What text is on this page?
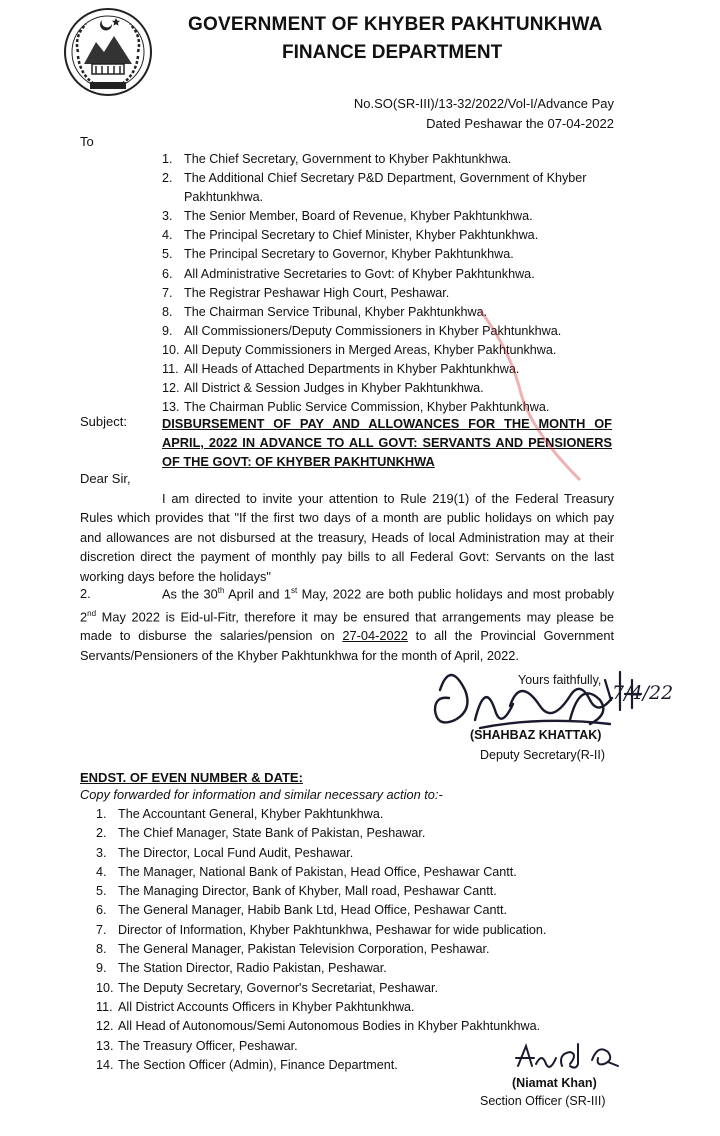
GOVERNMENT OF KHYBER PAKHTUNKHWA
FINANCE DEPARTMENT
No.SO(SR-III)/13-32/2022/Vol-I/Advance Pay
Dated Peshawar the 07-04-2022
To
1. The Chief Secretary, Government to Khyber Pakhtunkhwa.
2. The Additional Chief Secretary P&D Department, Government of Khyber
Pakhtunkhwa.
3. The Senior Member, Board of Revenue, Khyber Pakhtunkhwa.
4. The Principal Secretary to Chief Minister, Khyber Pakhtunkhwa.
5. The Principal Secretary to Governor, Khyber Pakhtunkhwa.
6. All Administrative Secretaries to Govt: of Khyber Pakhtunkhwa.
7. The Registrar Peshawar High Court, Peshawar.
8. The Chairman Service Tribunal, Khyber Pakhtunkhwa.
9. All Commissioners/Deputy Commissioners in Khyber Pakhtunkhwa.
10. All Deputy Commissioners in Merged Areas, Khyber Pakhtunkhwa.
11. All Heads of Attached Departments in Khyber Pakhtunkhwa.
12. All District & Session Judges in Khyber Pakhtunkhwa.
13. The Chairman Public Service Commission, Khyber Pakhtunkhwa.
Subject:	DISBURSEMENT OF PAY AND ALLOWANCES FOR THE MONTH OF APRIL, 2022 IN ADVANCE TO ALL GOVT: SERVANTS AND PENSIONERS OF THE GOVT: OF KHYBER PAKHTUNKHWA
Dear Sir,
I am directed to invite your attention to Rule 219(1) of the Federal Treasury Rules which provides that "If the first two days of a month are public holidays on which pay and allowances are not disbursed at the treasury, Heads of local Administration may at their discretion direct the payment of monthly pay bills to all Federal Govt: Servants on the last working days before the holidays"
2.	As the 30th April and 1st May, 2022 are both public holidays and most probably 2nd May 2022 is Eid-ul-Fitr, therefore it may be ensured that arrangements may please be made to disburse the salaries/pension on 27-04-2022 to all the Provincial Government Servants/Pensioners of the Khyber Pakhtunkhwa for the month of April, 2022.
7/4/22
Yours faithfully,
(SHAHBAZ KHATTAK)
Deputy Secretary(R-II)
ENDST. OF EVEN NUMBER & DATE:
Copy forwarded for information and similar necessary action to:-
1. The Accountant General, Khyber Pakhtunkhwa.
2. The Chief Manager, State Bank of Pakistan, Peshawar.
3. The Director, Local Fund Audit, Peshawar.
4. The Manager, National Bank of Pakistan, Head Office, Peshawar Cantt.
5. The Managing Director, Bank of Khyber, Mall road, Peshawar Cantt.
6. The General Manager, Habib Bank Ltd, Head Office, Peshawar Cantt.
7. Director of Information, Khyber Pakhtunkhwa, Peshawar for wide publication.
8. The General Manager, Pakistan Television Corporation, Peshawar.
9. The Station Director, Radio Pakistan, Peshawar.
10. The Deputy Secretary, Governor's Secretariat, Peshawar.
11. All District Accounts Officers in Khyber Pakhtunkhwa.
12. All Head of Autonomous/Semi Autonomous Bodies in Khyber Pakhtunkhwa.
13. The Treasury Officer, Peshawar.
14. The Section Officer (Admin), Finance Department.
(Niamat Khan)
Section Officer (SR-III)
